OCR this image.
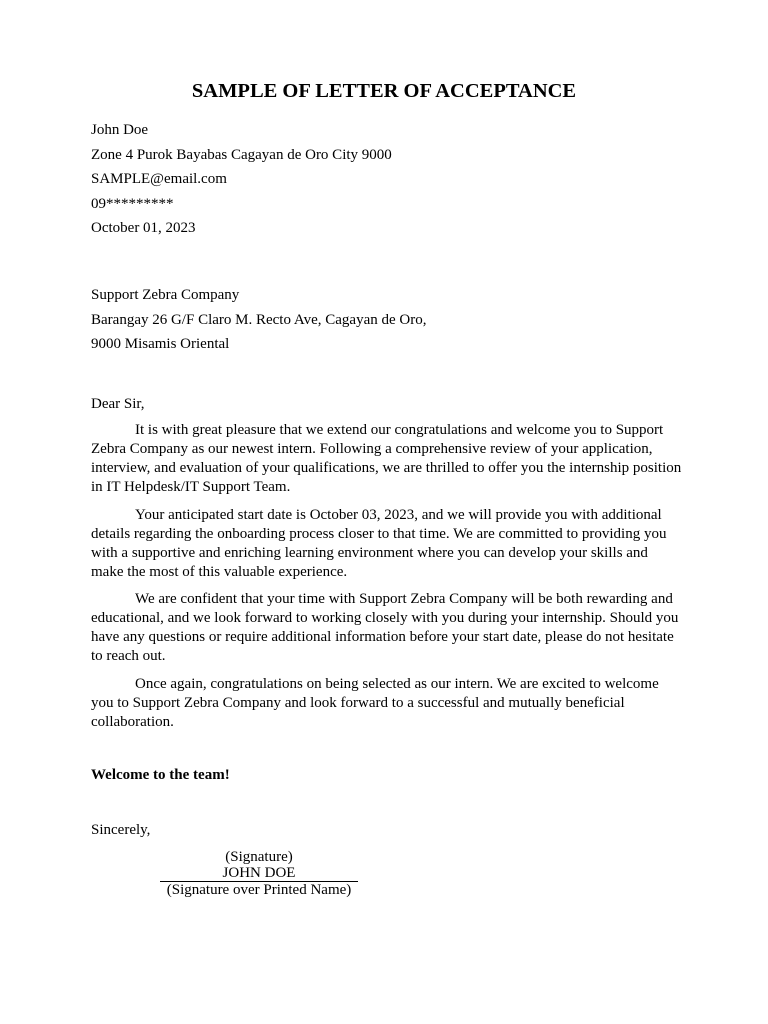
SAMPLE OF LETTER OF ACCEPTANCE
John Doe
Zone 4 Purok Bayabas Cagayan de Oro City 9000
SAMPLE@email.com
09*********
October 01, 2023
Support Zebra Company
Barangay 26 G/F Claro M. Recto Ave, Cagayan de Oro,
9000 Misamis Oriental
Dear Sir,

It is with great pleasure that we extend our congratulations and welcome you to Support Zebra Company as our newest intern. Following a comprehensive review of your application, interview, and evaluation of your qualifications, we are thrilled to offer you the internship position in IT Helpdesk/IT Support Team.

Your anticipated start date is October 03, 2023, and we will provide you with additional details regarding the onboarding process closer to that time. We are committed to providing you with a supportive and enriching learning environment where you can develop your skills and make the most of this valuable experience.

We are confident that your time with Support Zebra Company will be both rewarding and educational, and we look forward to working closely with you during your internship. Should you have any questions or require additional information before your start date, please do not hesitate to reach out.

Once again, congratulations on being selected as our intern. We are excited to welcome you to Support Zebra Company and look forward to a successful and mutually beneficial collaboration.

Welcome to the team!
Sincerely,
(Signature)
JOHN DOE
(Signature over Printed Name)
